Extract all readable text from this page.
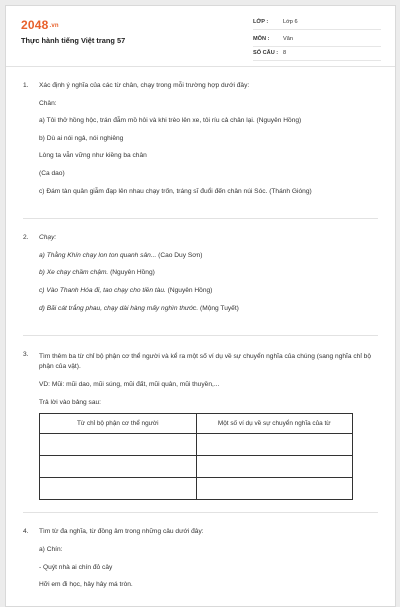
2048.vn
Thực hành tiếng Việt trang 57
LỚP :	Lớp 6
MÔN : Văn
SỐ CÂU : 8
1. Xác định ý nghĩa của các từ chân, chạy trong mỗi trường hợp dưới đây:

Chân:

a) Tôi thở hồng hộc, trán đẫm mồ hôi và khi trèo lên xe, tôi ríu cả chân lại. (Nguyên Hồng)

b) Dù ai nói ngả, nói nghiêng

Lòng ta vẫn vững như kiềng ba chân

(Ca dao)

c) Đám tàn quân giẫm đạp lên nhau chạy trốn, tráng sĩ đuổi đến chân núi Sóc. (Thánh Gióng)

2. Chạy:

a) Thằng Khín chạy lon ton quanh sân... (Cao Duy Sơn)

b) Xe chạy chầm chậm. (Nguyên Hồng)

c) Vào Thanh Hóa đi, tao chạy cho tiền tàu. (Nguyên Hồng)

d) Bãi cát trắng phau, chạy dài hàng mấy nghìn thước. (Mộng Tuyết)

3. Tìm thêm ba từ chỉ bộ phận cơ thể người và kể ra một số ví dụ về sự chuyển nghĩa của chúng (sang nghĩa chỉ bộ phận của vật).

VD: Mũi: mũi dao, mũi súng, mũi đất, mũi quân, mũi thuyền,...

Trả lời vào bảng sau:

Từ chỉ bộ phận cơ thể người	Một số ví dụ về sự chuyển nghĩa của từ

4. Tìm từ đa nghĩa, từ đồng âm trong những câu dưới đây:

a) Chín:

- Quýt nhà ai chín đỏ cây

Hỡi em đi học, hây hây má tròn.
